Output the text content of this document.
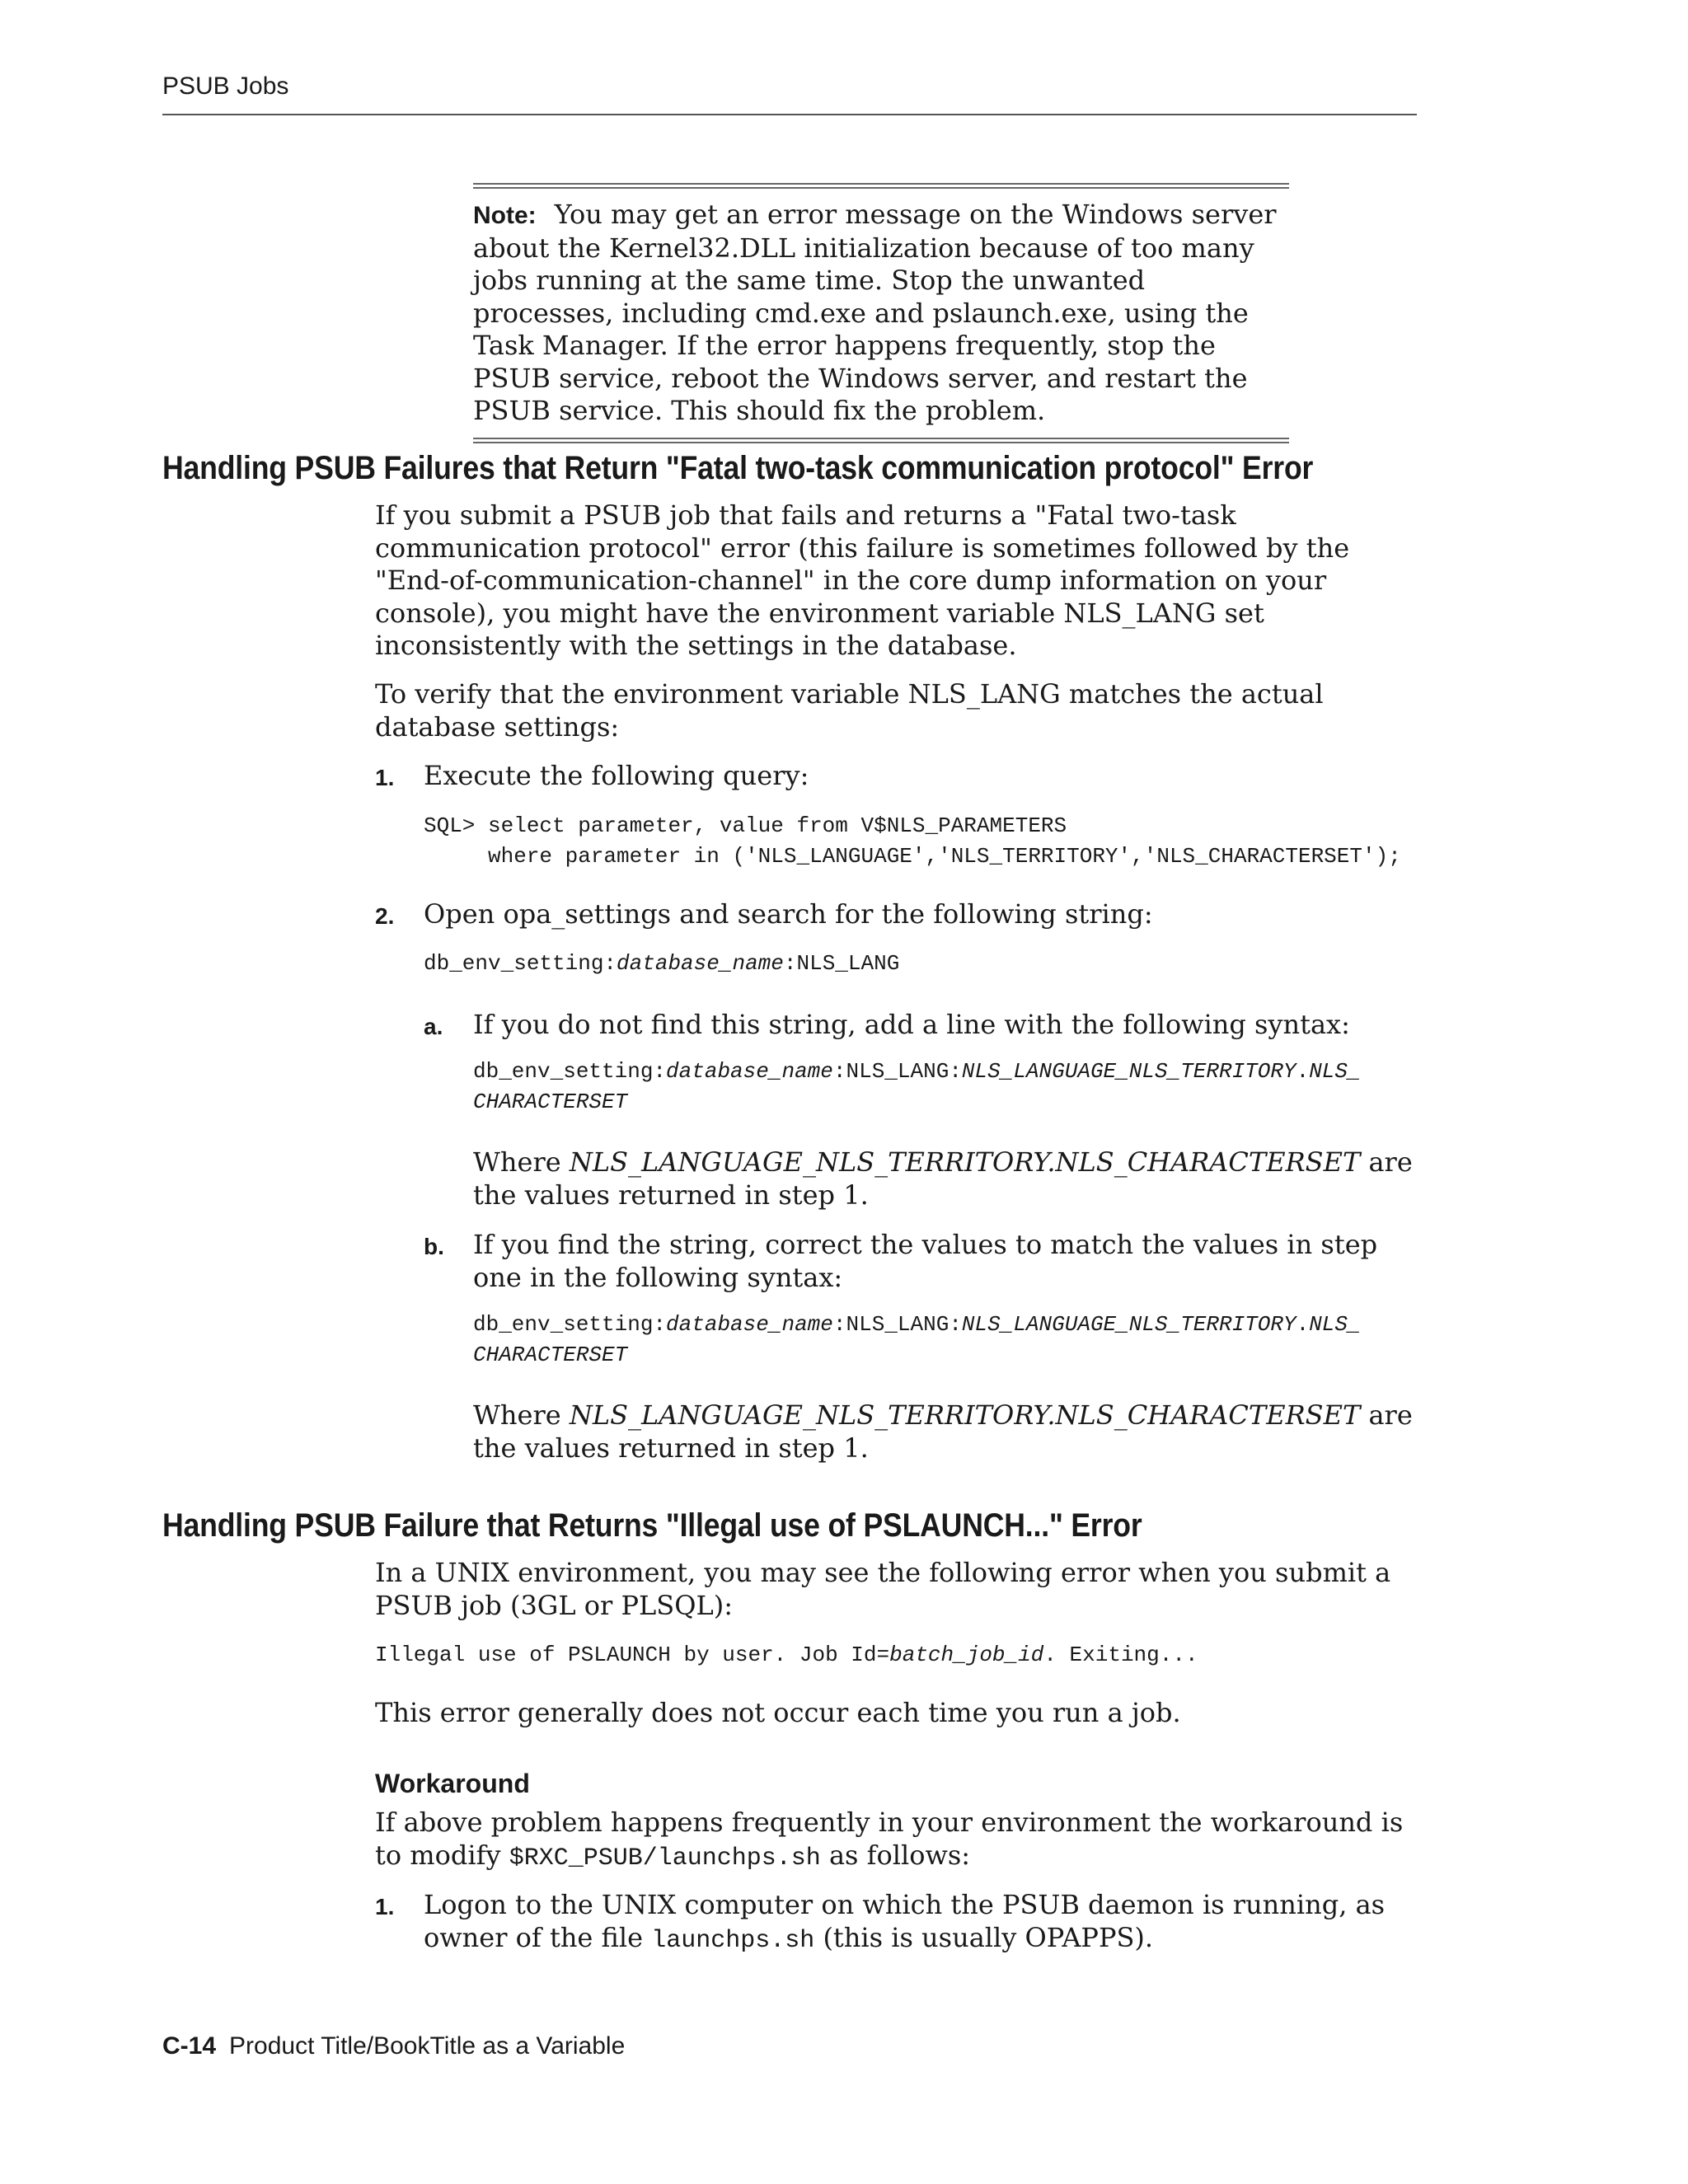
PSUB Jobs
Note: You may get an error message on the Windows server about the Kernel32.DLL initialization because of too many jobs running at the same time. Stop the unwanted processes, including cmd.exe and pslaunch.exe, using the Task Manager. If the error happens frequently, stop the PSUB service, reboot the Windows server, and restart the PSUB service. This should fix the problem.
Handling PSUB Failures that Return "Fatal two-task communication protocol" Error
If you submit a PSUB job that fails and returns a "Fatal two-task communication protocol" error (this failure is sometimes followed by the "End-of-communication-channel" in the core dump information on your console), you might have the environment variable NLS_LANG set inconsistently with the settings in the database.
To verify that the environment variable NLS_LANG matches the actual database settings:
1. Execute the following query:
SQL> select parameter, value from V$NLS_PARAMETERS
where parameter in ('NLS_LANGUAGE','NLS_TERRITORY','NLS_CHARACTERSET');
2. Open opa_settings and search for the following string:
db_env_setting:database_name:NLS_LANG
a. If you do not find this string, add a line with the following syntax:
db_env_setting:database_name:NLS_LANG:NLS_LANGUAGE_NLS_TERRITORY.NLS_
CHARACTERSET
Where NLS_LANGUAGE_NLS_TERRITORY.NLS_CHARACTERSET are the values returned in step 1.
b. If you find the string, correct the values to match the values in step one in the following syntax:
db_env_setting:database_name:NLS_LANG:NLS_LANGUAGE_NLS_TERRITORY.NLS_
CHARACTERSET
Where NLS_LANGUAGE_NLS_TERRITORY.NLS_CHARACTERSET are the values returned in step 1.
Handling PSUB Failure that Returns "Illegal use of PSLAUNCH..." Error
In a UNIX environment, you may see the following error when you submit a PSUB job (3GL or PLSQL):
Illegal use of PSLAUNCH by user. Job Id=batch_job_id. Exiting...
This error generally does not occur each time you run a job.
Workaround
If above problem happens frequently in your environment the workaround is to modify $RXC_PSUB/launchps.sh as follows:
1. Logon to the UNIX computer on which the PSUB daemon is running, as owner of the file launchps.sh (this is usually OPAPPS).
C-14 Product Title/BookTitle as a Variable
